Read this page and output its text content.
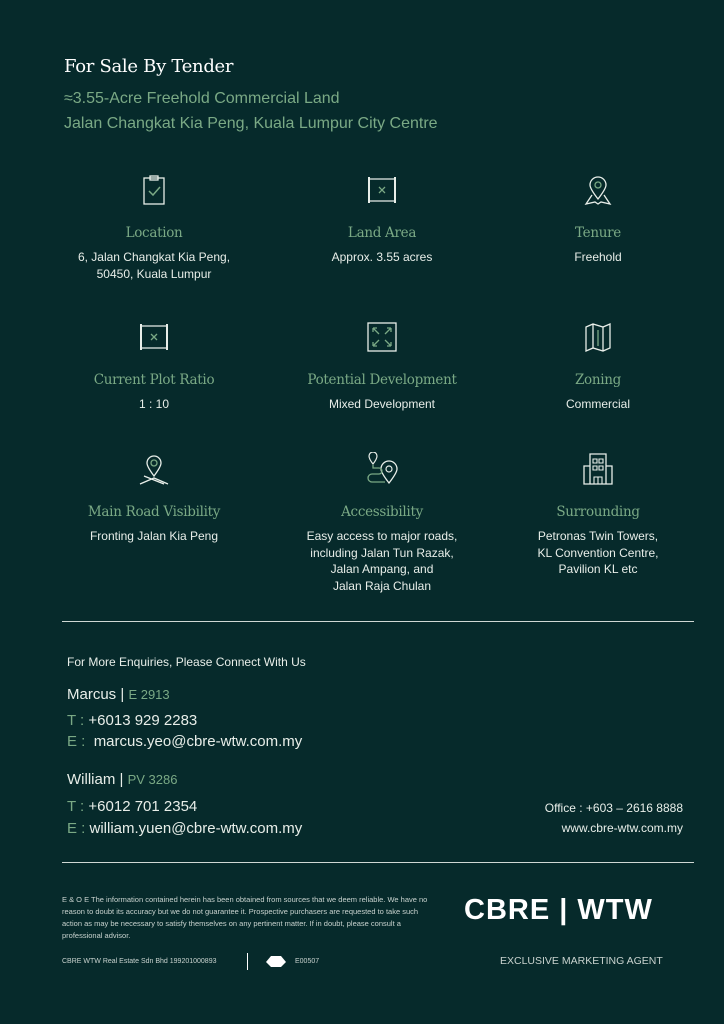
For Sale By Tender
≈3.55-Acre Freehold Commercial Land
Jalan Changkat Kia Peng, Kuala Lumpur City Centre
Location
6, Jalan Changkat Kia Peng,
50450, Kuala Lumpur
Land Area
Approx. 3.55 acres
Tenure
Freehold
Current Plot Ratio
1 : 10
Potential Development
Mixed Development
Zoning
Commercial
Main Road Visibility
Fronting Jalan Kia Peng
Accessibility
Easy access to major roads,
including Jalan Tun Razak,
Jalan Ampang, and
Jalan Raja Chulan
Surrounding
Petronas Twin Towers,
KL Convention Centre,
Pavilion KL etc
For More Enquiries, Please Connect With Us
Marcus | E 2913
T : +6013 929 2283
E : marcus.yeo@cbre-wtw.com.my
William | PV 3286
T : +6012 701 2354
E : william.yuen@cbre-wtw.com.my
Office : +603 – 2616 8888
www.cbre-wtw.com.my
E & O E The information contained herein has been obtained from sources that we deem reliable. We have no reason to doubt its accuracy but we do not guarantee it. Prospective purchasers are requested to take such action as may be necessary to satisfy themselves on any pertinent matter. If in doubt, please consult a professional advisor.
CBRE WTW Real Estate Sdn Bhd 199201000893	E00507
CBRE | WTW
EXCLUSIVE MARKETING AGENT
